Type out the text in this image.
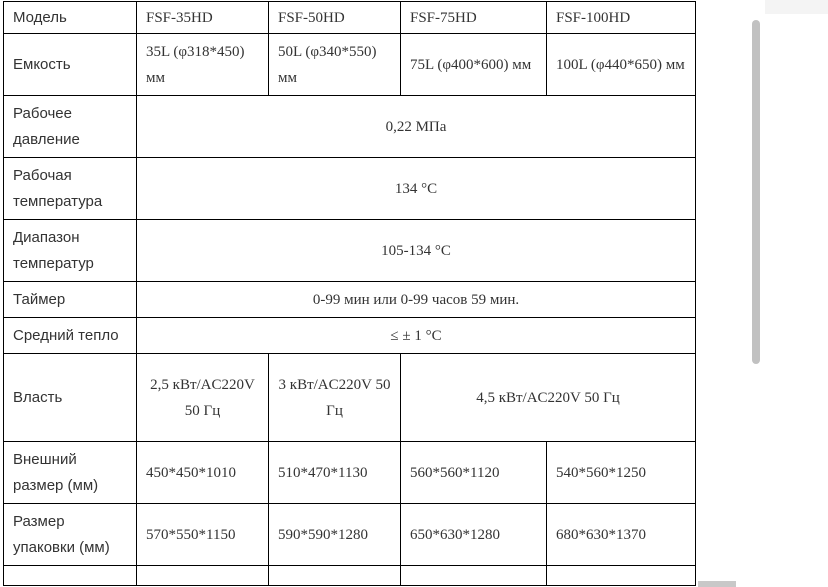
Модель	FSF-35HD	FSF-50HD	FSF-75HD	FSF-100HD
Емкость	35L (φ318*450) мм	50L (φ340*550) мм	75L (φ400*600) мм	100L (φ440*650) мм
Рабочее давление	0,22 МПа			
Рабочая температура	134 °C			
Диапазон температур	105-134 °C			
Таймер	0-99 мин или 0-99 часов 59 мин.			
Средний тепло	≤ ± 1 °C			
Власть	2,5 кВт/AC220V 50 Гц	3 кВт/AC220V 50 Гц	4,5 кВт/AC220V 50 Гц	
Внешний размер (мм)	450*450*1010	510*470*1130	560*560*1120	540*560*1250
Размер упаковки (мм)	570*550*1150	590*590*1280	650*630*1280	680*630*1370
